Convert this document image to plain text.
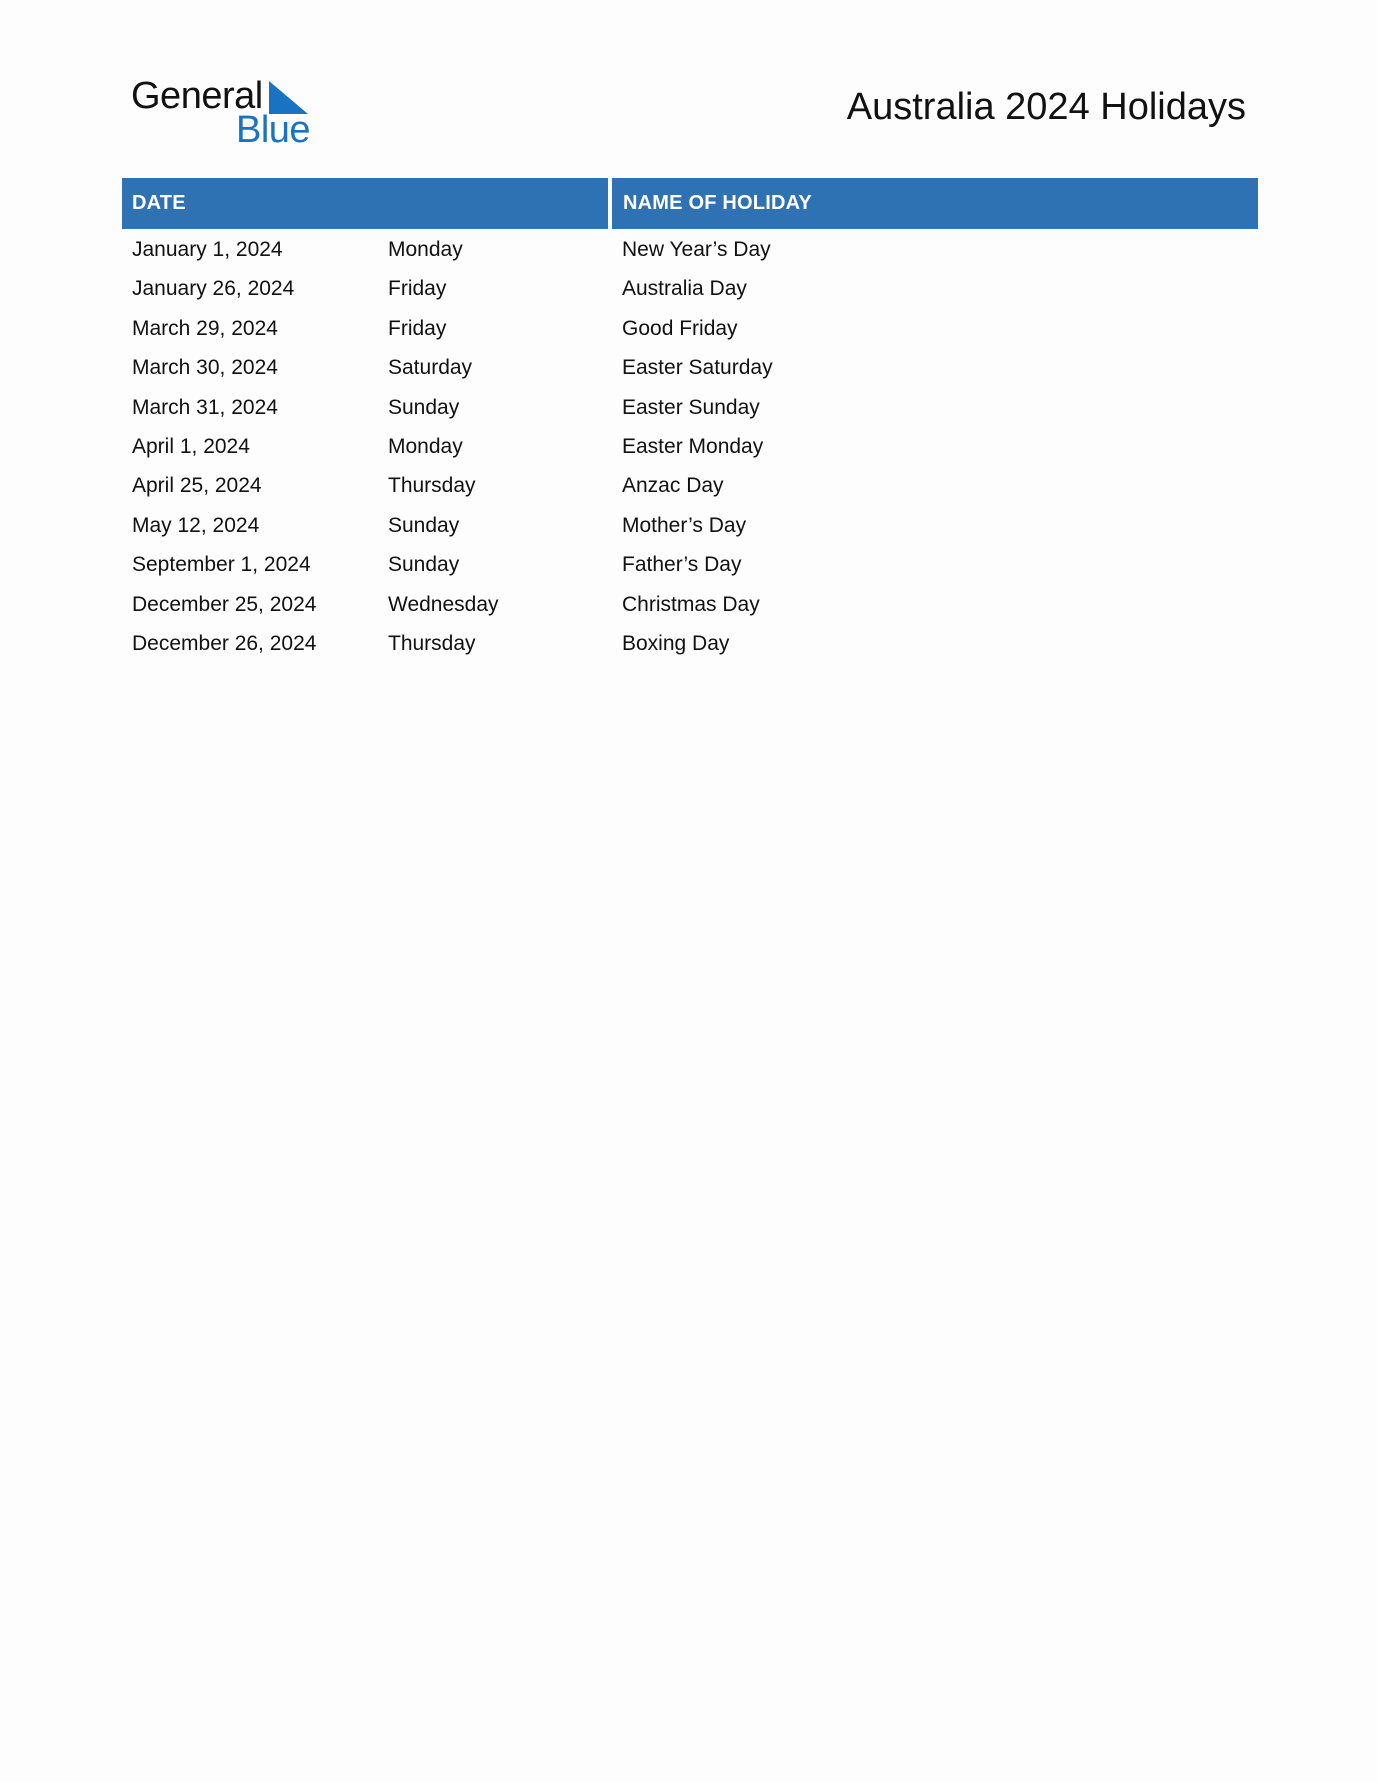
General
Blue
Australia 2024 Holidays
DATE	NAME OF HOLIDAY
January 1, 2024	Monday	New Year’s Day
January 26, 2024	Friday	Australia Day
March 29, 2024	Friday	Good Friday
March 30, 2024	Saturday	Easter Saturday
March 31, 2024	Sunday	Easter Sunday
April 1, 2024	Monday	Easter Monday
April 25, 2024	Thursday	Anzac Day
May 12, 2024	Sunday	Mother’s Day
September 1, 2024	Sunday	Father’s Day
December 25, 2024	Wednesday	Christmas Day
December 26, 2024	Thursday	Boxing Day
